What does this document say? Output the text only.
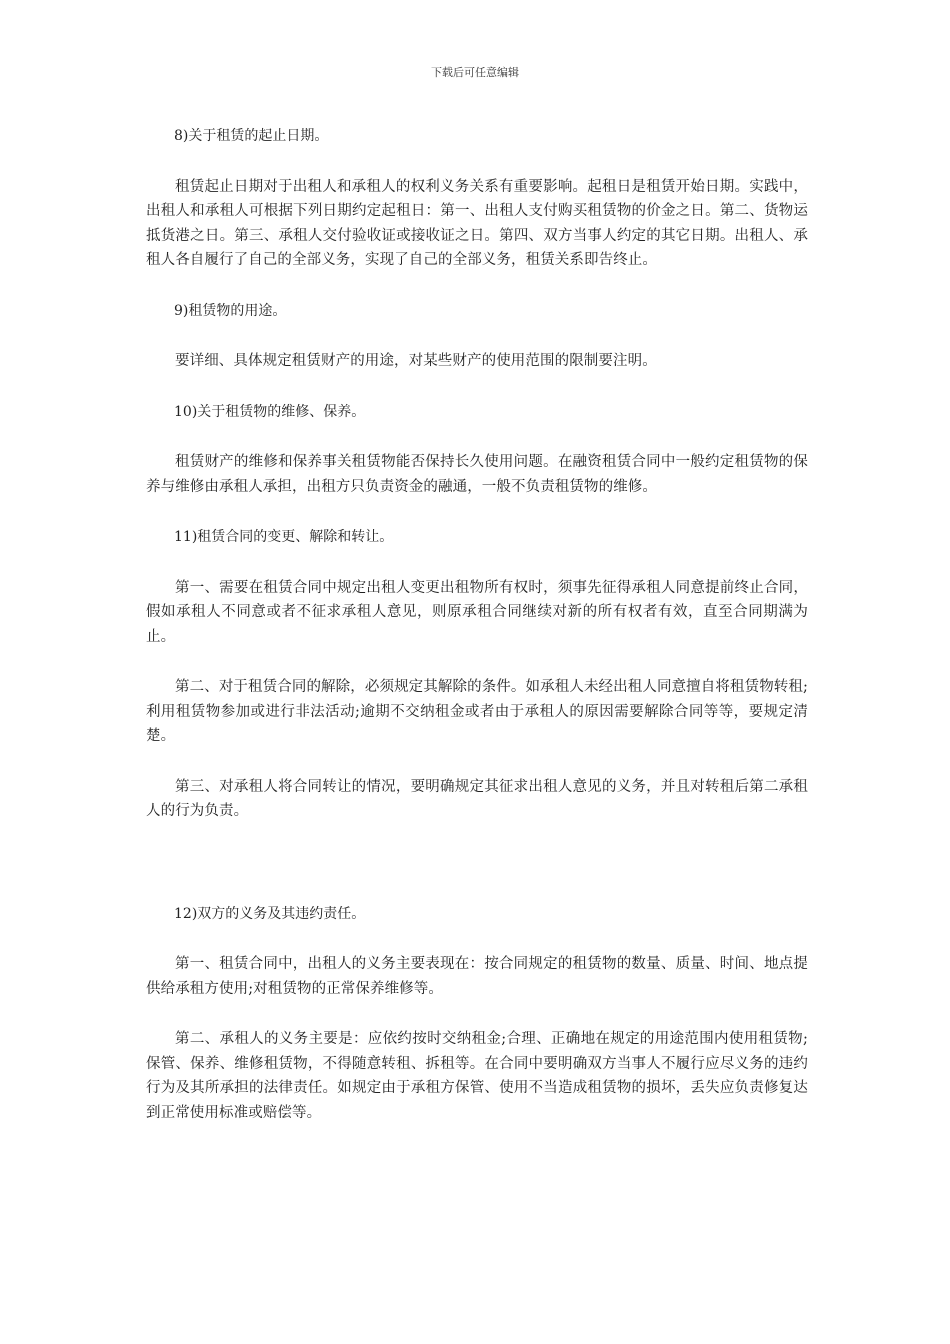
下载后可任意编辑
8)关于租赁的起止日期。
租赁起止日期对于出租人和承租人的权利义务关系有重要影响。起租日是租赁开始日期。实践中，出租人和承租人可根据下列日期约定起租日：第一、出租人支付购买租赁物的价金之日。第二、货物运抵货港之日。第三、承租人交付验收证或接收证之日。第四、双方当事人约定的其它日期。出租人、承租人各自履行了自己的全部义务，实现了自己的全部义务，租赁关系即告终止。
9)租赁物的用途。
要详细、具体规定租赁财产的用途，对某些财产的使用范围的限制要注明。
10)关于租赁物的维修、保养。
租赁财产的维修和保养事关租赁物能否保持长久使用问题。在融资租赁合同中一般约定租赁物的保养与维修由承租人承担，出租方只负责资金的融通，一般不负责租赁物的维修。
11)租赁合同的变更、解除和转让。
第一、需要在租赁合同中规定出租人变更出租物所有权时，须事先征得承租人同意提前终止合同，假如承租人不同意或者不征求承租人意见，则原承租合同继续对新的所有权者有效，直至合同期满为止。
第二、对于租赁合同的解除，必须规定其解除的条件。如承租人未经出租人同意擅自将租赁物转租;利用租赁物参加或进行非法活动;逾期不交纳租金或者由于承租人的原因需要解除合同等等，要规定清楚。
第三、对承租人将合同转让的情况，要明确规定其征求出租人意见的义务，并且对转租后第二承租人的行为负责。
12)双方的义务及其违约责任。
第一、租赁合同中，出租人的义务主要表现在：按合同规定的租赁物的数量、质量、时间、地点提供给承租方使用;对租赁物的正常保养维修等。
第二、承租人的义务主要是：应依约按时交纳租金;合理、正确地在规定的用途范围内使用租赁物;保管、保养、维修租赁物，不得随意转租、拆租等。在合同中要明确双方当事人不履行应尽义务的违约行为及其所承担的法律责任。如规定由于承租方保管、使用不当造成租赁物的损坏，丢失应负责修复达到正常使用标准或赔偿等。
